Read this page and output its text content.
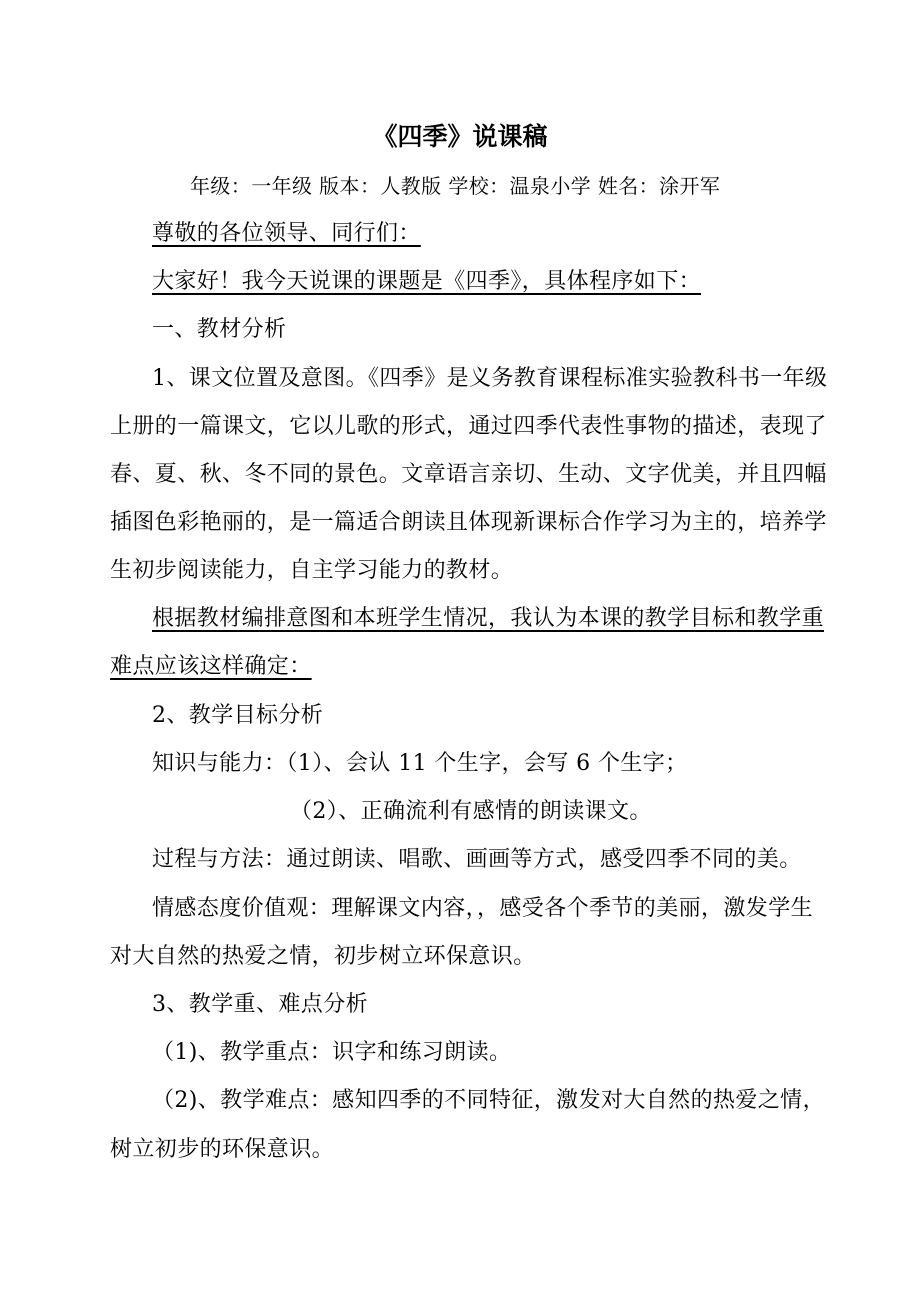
《四季》说课稿
年级：一年级 版本：人教版 学校：温泉小学 姓名：涂开军
尊敬的各位领导、同行们：
大家好！我今天说课的课题是《四季》，具体程序如下：
一、教材分析
1、课文位置及意图。《四季》是义务教育课程标准实验教科书一年级
上册的一篇课文，它以儿歌的形式，通过四季代表性事物的描述，表现了
春、夏、秋、冬不同的景色。文章语言亲切、生动、文字优美，并且四幅
插图色彩艳丽的，是一篇适合朗读且体现新课标合作学习为主的，培养学
生初步阅读能力，自主学习能力的教材。
根据教材编排意图和本班学生情况，我认为本课的教学目标和教学重
难点应该这样确定：
2、教学目标分析
知识与能力：（1）、会认 11 个生字，会写 6 个生字；
（2）、正确流利有感情的朗读课文。
过程与方法：通过朗读、唱歌、画画等方式，感受四季不同的美。
情感态度价值观：理解课文内容，，感受各个季节的美丽，激发学生
对大自然的热爱之情，初步树立环保意识。
3、教学重、难点分析
（1)、教学重点：识字和练习朗读。
（2)、教学难点：感知四季的不同特征，激发对大自然的热爱之情，
树立初步的环保意识。
